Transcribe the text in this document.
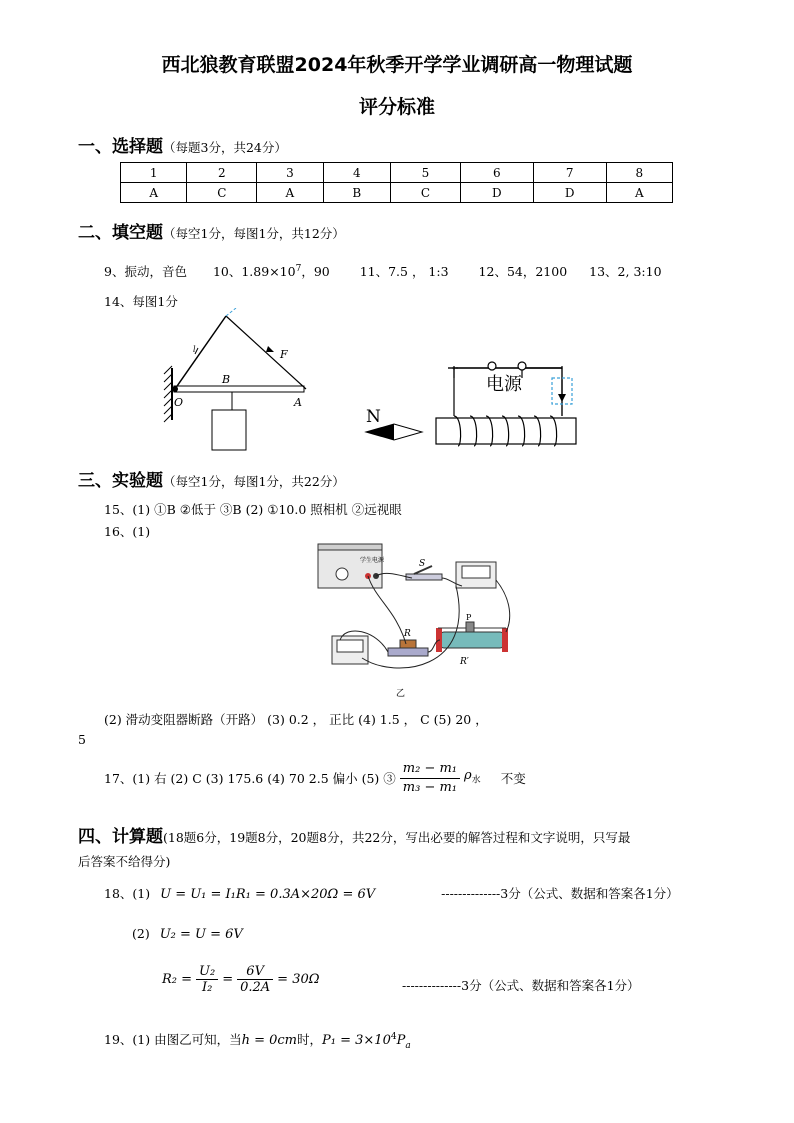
西北狼教育联盟2024年秋季开学学业调研高一物理试题
评分标准
一、选择题（每题3分，共24分）
1	2	3	4	5	6	7	8
A	C	A	B	C	D	D	A
二、填空题（每空1分，每图1分，共12分）
9、振动，音色 10、$1.89\times 10^7$，90 11、7.5 ， 1:3 12、54，2100 13、2, 3:10
14、每图1分
F
l
B
O	A
电源
N
三、实验题（每空1分，每图1分，共22分）
15、(1) ①B ②低于 ③B (2) ①10.0 照相机 ②远视眼
16、(1)
学生电源	S
R
P
R′
乙
(2) 滑动变阻器断路（开路） (3) 0.2 ， 正比 (4) 1.5 ， C (5) 20 ，
5
17、(1) 右 (2) C (3) 175.6 (4) 70 2.5 偏小 (5) ③ $\frac{\text{m₂ − m₁}}{\text{m₃ − m₁}} \rho_水$ 不变
四、计算题(18题6分，19题8分，20题8分，共22分，写出必要的解答过程和文字说明，只写最
后答案不给得分)
18、(1) U = U₁ = I₁R₁ = 0.3A×20Ω = 6V	--------------3分（公式、数据和答案各1分）
(2) U₂ = U = 6V
$R_2 = \frac{\text{U₂}}{\text{I₂}} = \frac{6V}{0.2A} = 30\Omega$	--------------3分（公式、数据和答案各1分）
19、(1) 由图乙可知，当h = 0cm时，$P_1 = 3\times 10^4P_a$
